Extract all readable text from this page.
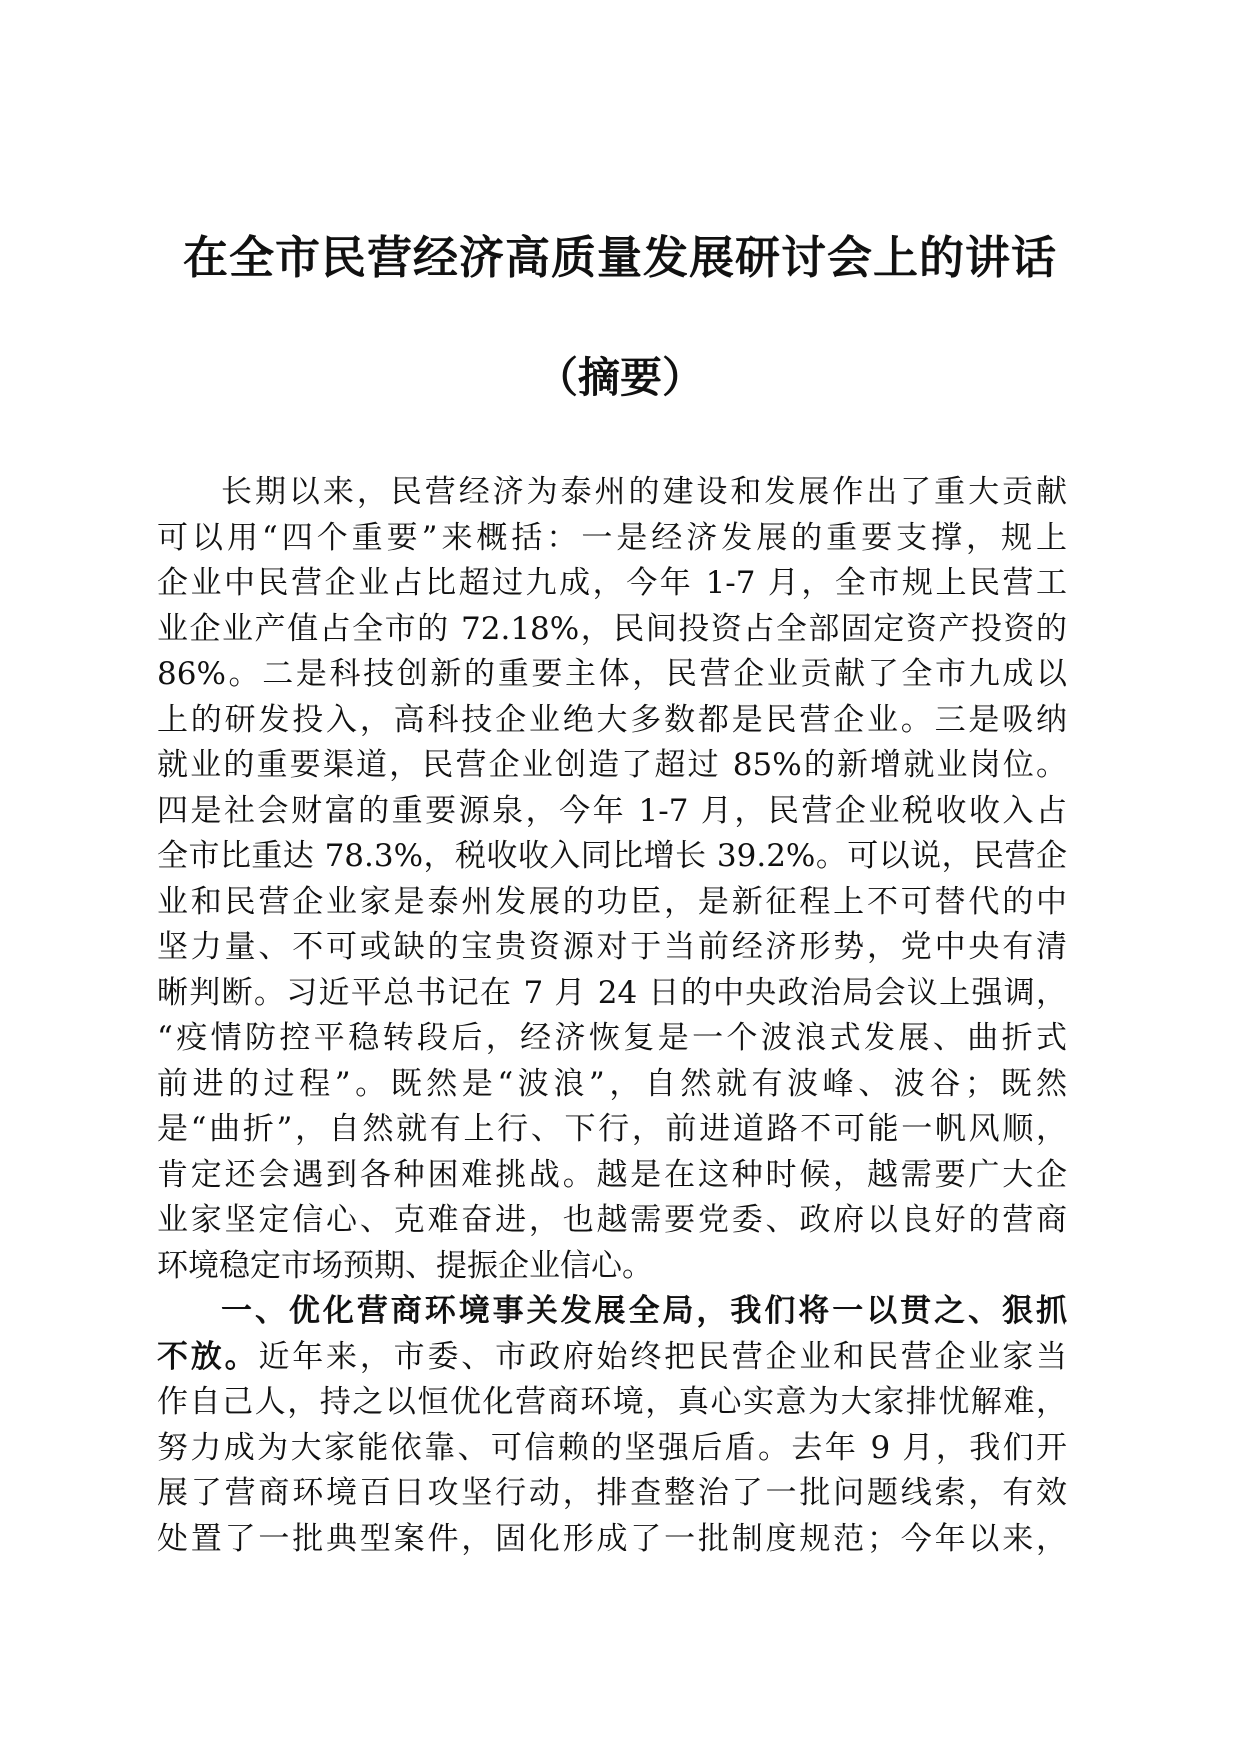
在全市民营经济高质量发展研讨会上的讲话
（摘要）
长期以来，民营经济为泰州的建设和发展作出了重大贡献
可以用“四个重要”来概括：一是经济发展的重要支撑，规上
企业中民营企业占比超过九成，今年 1-7 月，全市规上民营工
业企业产值占全市的 72.18%，民间投资占全部固定资产投资的
86%。二是科技创新的重要主体，民营企业贡献了全市九成以
上的研发投入，高科技企业绝大多数都是民营企业。三是吸纳
就业的重要渠道，民营企业创造了超过 85%的新增就业岗位。
四是社会财富的重要源泉，今年 1-7 月，民营企业税收收入占
全市比重达 78.3%，税收收入同比增长 39.2%。可以说，民营企
业和民营企业家是泰州发展的功臣，是新征程上不可替代的中
坚力量、不可或缺的宝贵资源对于当前经济形势，党中央有清
晰判断。习近平总书记在 7 月 24 日的中央政治局会议上强调，
“疫情防控平稳转段后，经济恢复是一个波浪式发展、曲折式
前进的过程”。既然是“波浪”，自然就有波峰、波谷；既然
是“曲折”，自然就有上行、下行，前进道路不可能一帆风顺，
肯定还会遇到各种困难挑战。越是在这种时候，越需要广大企
业家坚定信心、克难奋进，也越需要党委、政府以良好的营商
环境稳定市场预期、提振企业信心。
一、优化营商环境事关发展全局，我们将一以贯之、狠抓
不放。近年来，市委、市政府始终把民营企业和民营企业家当
作自己人，持之以恒优化营商环境，真心实意为大家排忧解难，
努力成为大家能依靠、可信赖的坚强后盾。去年 9 月，我们开
展了营商环境百日攻坚行动，排查整治了一批问题线索，有效
处置了一批典型案件，固化形成了一批制度规范；今年以来，
